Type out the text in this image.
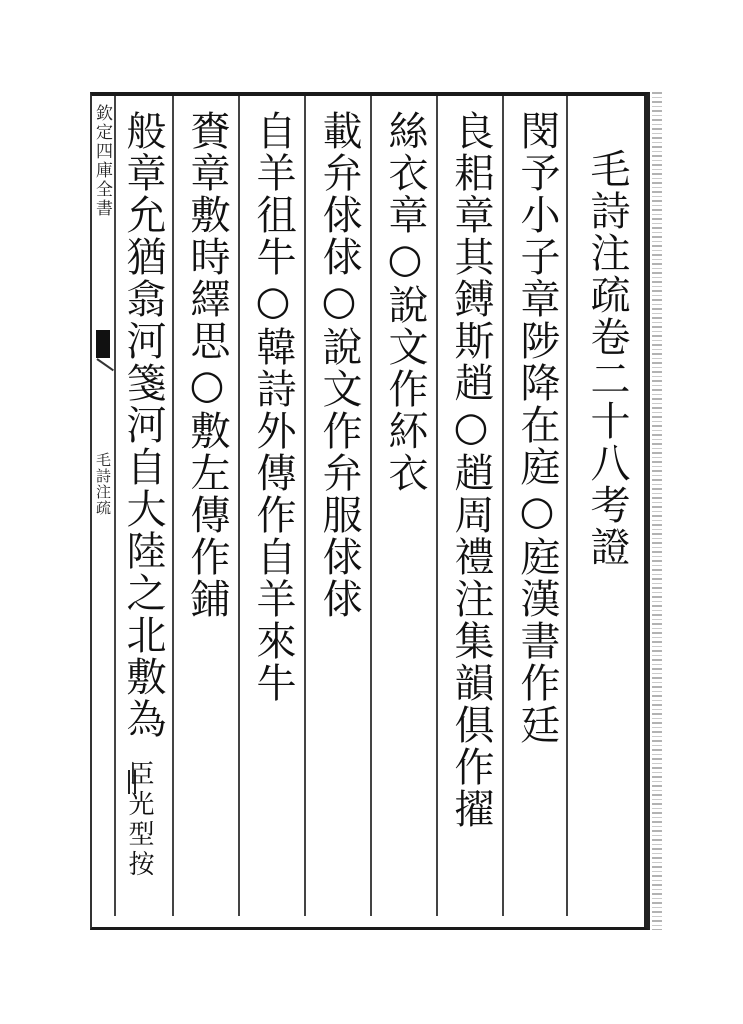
欽定四庫全書
毛詩注疏	毛詩注疏卷二十八考證
閔予小子章陟降在庭○庭漢書作廷
良耜章其鎛斯趙○趙周禮注集韻俱作擢
絲衣章○說文作紑衣
載弁俅俅○說文作弁服俅俅
自羊徂牛○韓詩外傳作自羊來牛
賚章敷時繹思○敷左傳作鋪
般章允猶翕河箋河自大陸之北敷為
臣光型按
